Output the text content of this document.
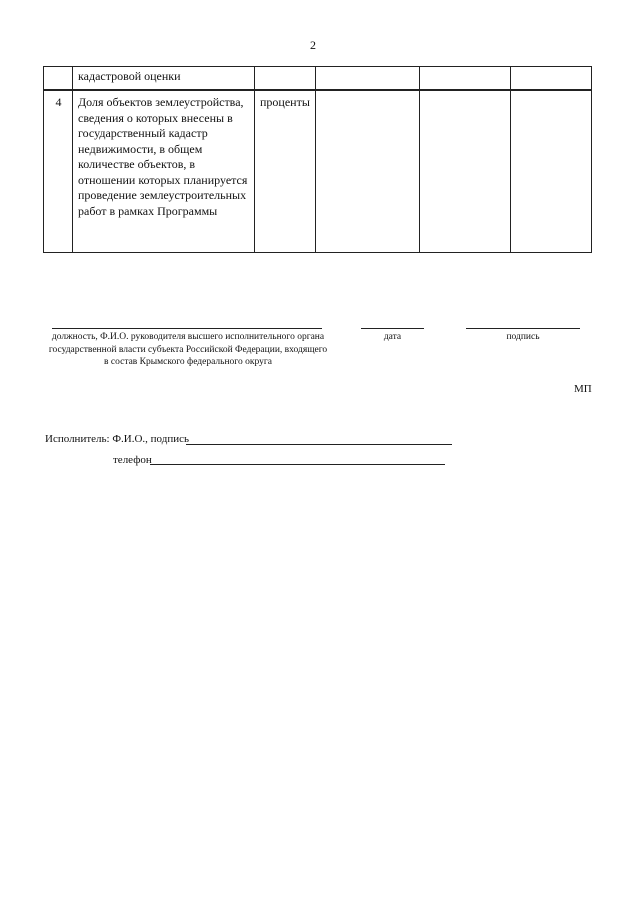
2
	кадастровой оценки				

4	Доля объектов землеустройства, сведения о которых внесены в государственный кадастр недвижимости, в общем количестве объектов, в отношении которых планируется проведение землеустроительных работ в рамках Программы	проценты			
должность, Ф.И.О. руководителя высшего исполнительного органа государственной власти субъекта Российской Федерации, входящего в состав Крымского федерального округа
дата	подпись
МП
Исполнитель: Ф.И.О., подпись
телефон
